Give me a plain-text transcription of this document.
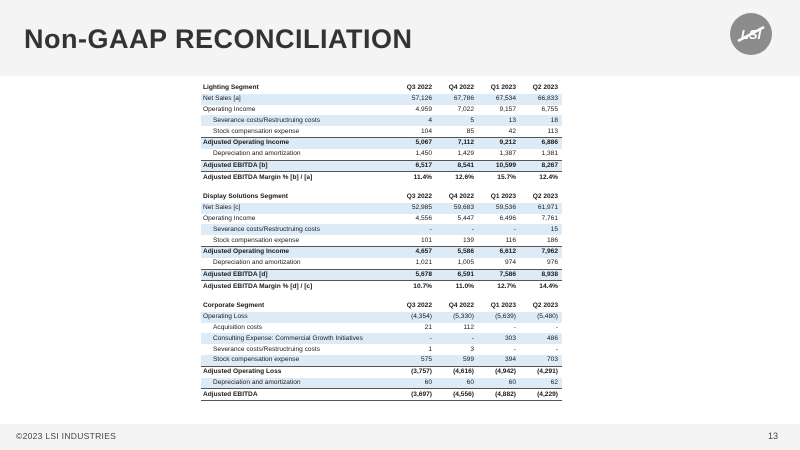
Non-GAAP RECONCILIATION	LSI
Lighting Segment	Q3 2022	Q4 2022	Q1 2023	Q2 2023
Net Sales [a]	57,126	67,786	67,534	66,833
Operating Income	4,959	7,022	9,157	6,755
Severance costs/Restructruing costs	4	5	13	18
Stock compensation expense	104	85	42	113
Adjusted Operating Income	5,067	7,112	9,212	6,886
Depreciation and amortization	1,450	1,429	1,387	1,381
Adjusted EBITDA [b]	6,517	8,541	10,599	8,267
Adjusted EBITDA Margin % [b] / [a]	11.4%	12.6%	15.7%	12.4%
Display Solutions Segment	Q3 2022	Q4 2022	Q1 2023	Q2 2023
Net Sales [c]	52,985	59,683	59,536	61,971
Operating Income	4,556	5,447	6,496	7,761
Severance costs/Restructruing costs	-	-	-	15
Stock compensation expense	101	139	116	186
Adjusted Operating Income	4,657	5,586	6,612	7,962
Depreciation and amortization	1,021	1,005	974	976
Adjusted EBITDA [d]	5,678	6,591	7,586	8,938
Adjusted EBITDA Margin % [d] / [c]	10.7%	11.0%	12.7%	14.4%
Corporate Segment	Q3 2022	Q4 2022	Q1 2023	Q2 2023
Operating Loss	(4,354)	(5,330)	(5,639)	(5,480)
Acquisition costs	21	112	-	-
Consulting Expense: Commercial Growth Initiatives	-	-	303	486
Severance costs/Restructruing costs	1	3	-	-
Stock compensation expense	575	599	394	703
Adjusted Operating Loss	(3,757)	(4,616)	(4,942)	(4,291)
Depreciation and amortization	60	60	60	62
Adjusted EBITDA	(3,697)	(4,556)	(4,882)	(4,229)
©2023 LSI INDUSTRIES	13
